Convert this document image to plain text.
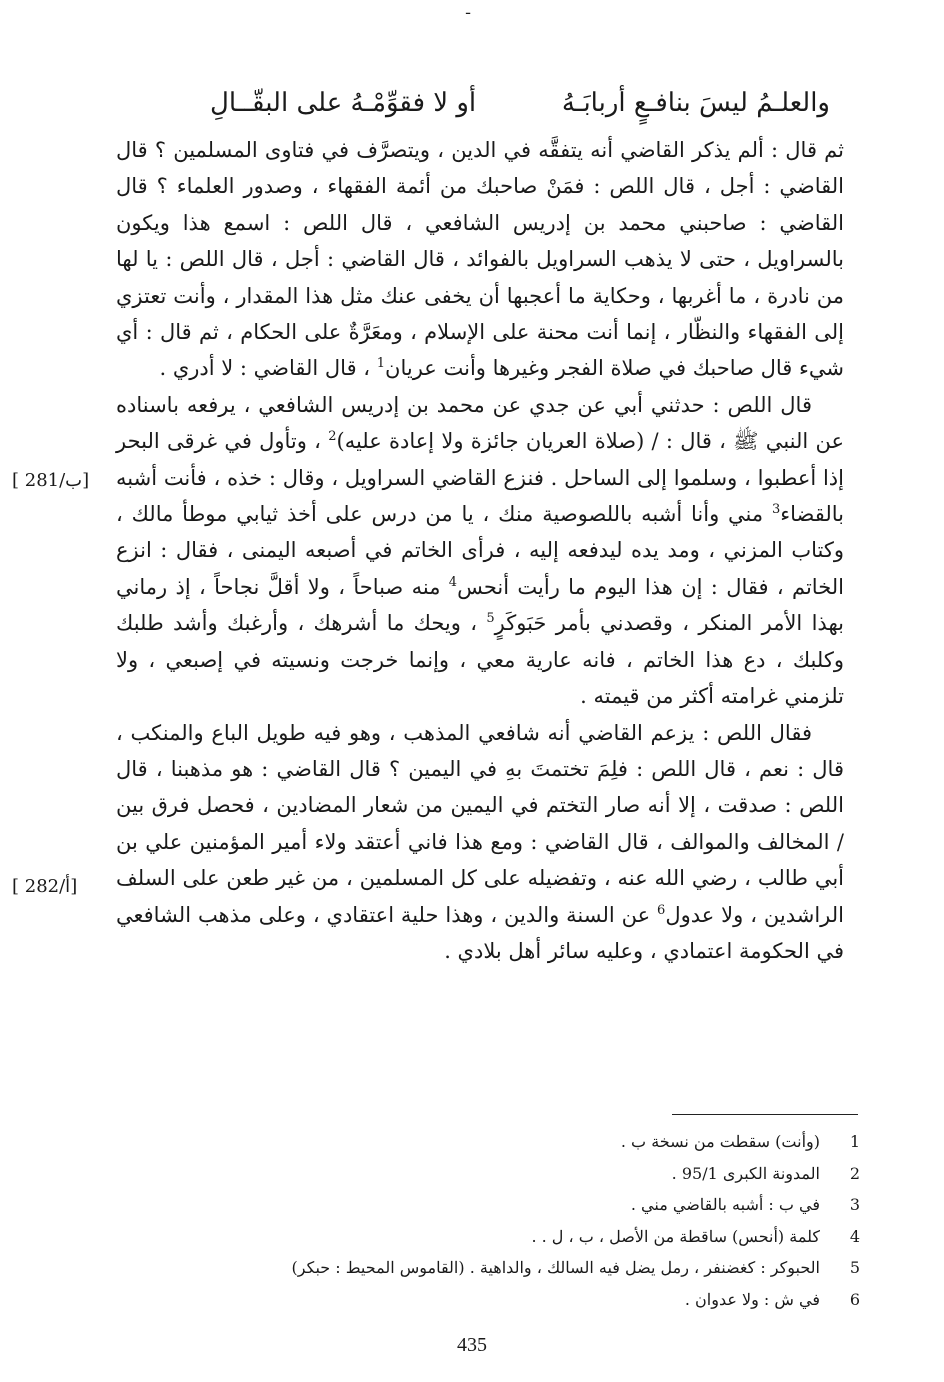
ـ
والعلـمُ ليسَ بنافـعٍ أربابَـهُ
أو لا فقوِّمْـهُ على البقّــالِ

ثم قال : ألم يذكر القاضي أنه يتفقَّه في الدين ، ويتصرَّف في فتاوى المسلمين ؟ قال القاضي : أجل ، قال اللص : فمَنْ صاحبك من أئمة الفقهاء ، وصدور العلماء ؟ قال القاضي : صاحبني محمد بن إدريس الشافعي ، قال اللص : اسمع هذا ويكون بالسراويل ، حتى لا يذهب السراويل بالفوائد ، قال القاضي : أجل ، قال اللص : يا لها من نادرة ، ما أغربها ، وحكاية ما أعجبها أن يخفى عنك مثل هذا المقدار ، وأنت تعتزي إلى الفقهاء والنظّار ، إنما أنت محنة على الإسلام ، ومعَرَّةٌ على الحكام ، ثم قال : أي شيء قال صاحبك في صلاة الفجر وغيرها وأنت عريان$^1$ ، قال القاضي : لا أدري .

قال اللص : حدثني أبي عن جدي عن محمد بن إدريس الشافعي ، يرفعه باسناده عن النبي ﷺ ، قال : / (صلاة العريان جائزة ولا إعادة عليه)$^2$ ، وتأول في غرقى البحر إذا أعطبوا ، وسلموا إلى الساحل . فنزع القاضي السراويل ، وقال : خذه ، فأنت أشبه بالقضاء$^3$ مني وأنا أشبه باللصوصية منك ، يا من درس على أخذ ثيابي موطأ مالك ، وكتاب المزني ، ومد يده ليدفعه إليه ، فرأى الخاتم في أصبعه اليمنى ، فقال : انزع الخاتم ، فقال : إن هذا اليوم ما رأيت أنحس$^4$ منه صباحاً ، ولا أقلَّ نجاحاً ، إذ رماني بهذا الأمر المنكر ، وقصدني بأمر حَبَوكَرٍ$^5$ ، ويحك ما أشرهك ، وأرغبك وأشد طلبك وكلبك ، دع هذا الخاتم ، فانه عارية معي ، وإنما خرجت ونسيته في إصبعي ، ولا تلزمني غرامته أكثر من قيمته .

فقال اللص : يزعم القاضي أنه شافعي المذهب ، وهو فيه طويل الباع والمنكب ، قال : نعم ، قال اللص : فلِمَ تختمتَ بهِ في اليمين ؟ قال القاضي : هو مذهبنا ، قال اللص : صدقت ، إلا أنه صار التختم في اليمين من شعار المضادين ، فحصل فرق بين / المخالف والموالف ، قال القاضي : ومع هذا فاني أعتقد ولاء أمير المؤمنين علي بن أبي طالب ، رضي الله عنه ، وتفضيله على كل المسلمين ، من غير طعن على السلف الراشدين ، ولا عدول$^6$ عن السنة والدين ، وهذا حلية اعتقادي ، وعلى مذهب الشافعي في الحكومة اعتمادي ، وعليه سائر أهل بلادي .

[ 281/ب]
[ 282/أ]
1(وأنت) سقطت من نسخة ب .
2المدونة الكبرى 95/1 .
3في ب : أشبه بالقاضي مني .
4كلمة (أنحس) ساقطة من الأصل ، ب ، ل . .
5الحبوكر : كغضنفر ، رمل يضل فيه السالك ، والداهية . (القاموس المحيط : حبكر)
6في ش : ولا عدوان .
435
